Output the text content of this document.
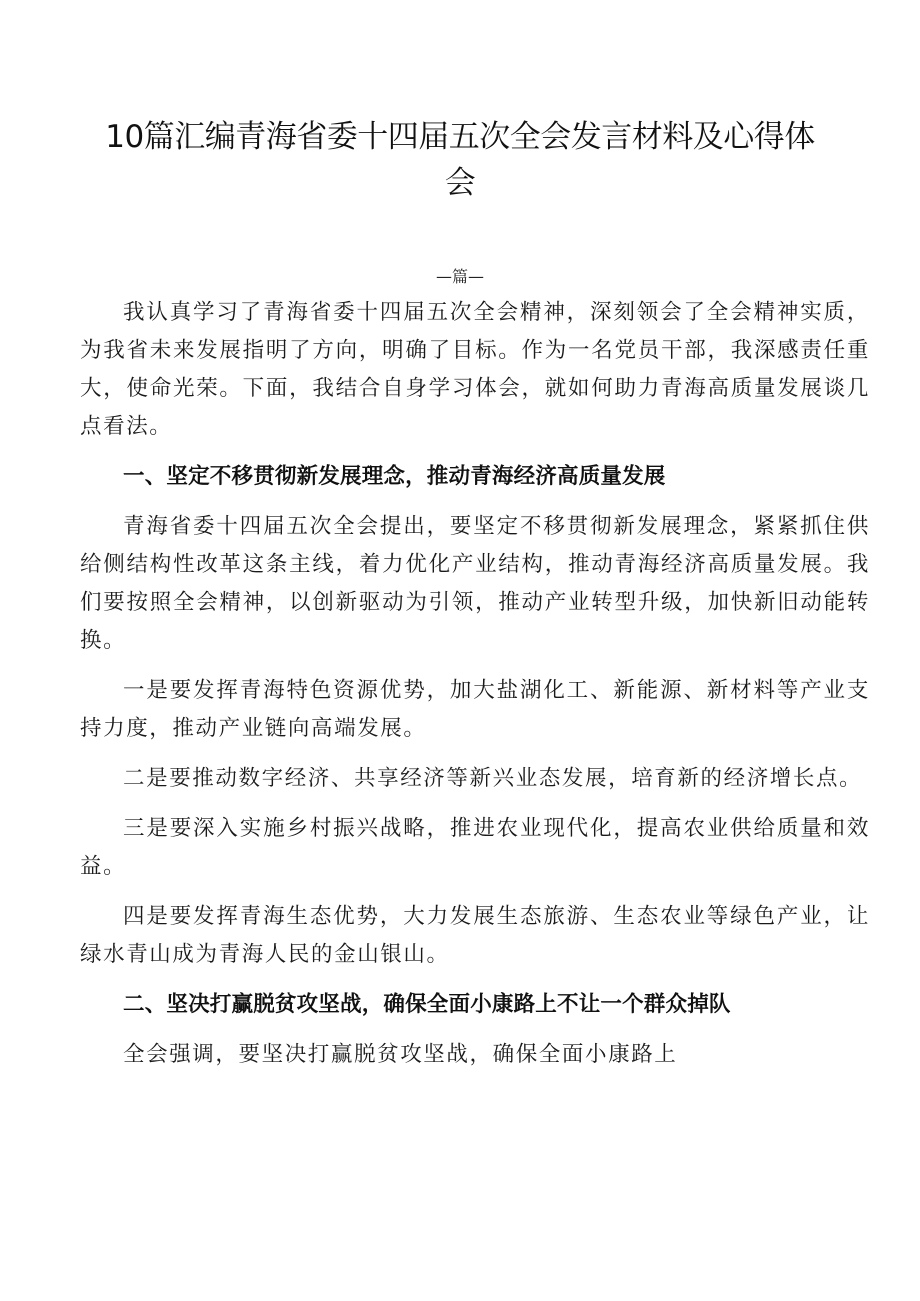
10篇汇编青海省委十四届五次全会发言材料及心得体会
—篇—

我认真学习了青海省委十四届五次全会精神，深刻领会了全会精神实质，为我省未来发展指明了方向，明确了目标。作为一名党员干部，我深感责任重大，使命光荣。下面，我结合自身学习体会，就如何助力青海高质量发展谈几点看法。

一、坚定不移贯彻新发展理念，推动青海经济高质量发展

青海省委十四届五次全会提出，要坚定不移贯彻新发展理念，紧紧抓住供给侧结构性改革这条主线，着力优化产业结构，推动青海经济高质量发展。我们要按照全会精神，以创新驱动为引领，推动产业转型升级，加快新旧动能转换。

一是要发挥青海特色资源优势，加大盐湖化工、新能源、新材料等产业支持力度，推动产业链向高端发展。

二是要推动数字经济、共享经济等新兴业态发展，培育新的经济增长点。

三是要深入实施乡村振兴战略，推进农业现代化，提高农业供给质量和效益。

四是要发挥青海生态优势，大力发展生态旅游、生态农业等绿色产业，让绿水青山成为青海人民的金山银山。

二、坚决打赢脱贫攻坚战，确保全面小康路上不让一个群众掉队

全会强调，要坚决打赢脱贫攻坚战，确保全面小康路上
